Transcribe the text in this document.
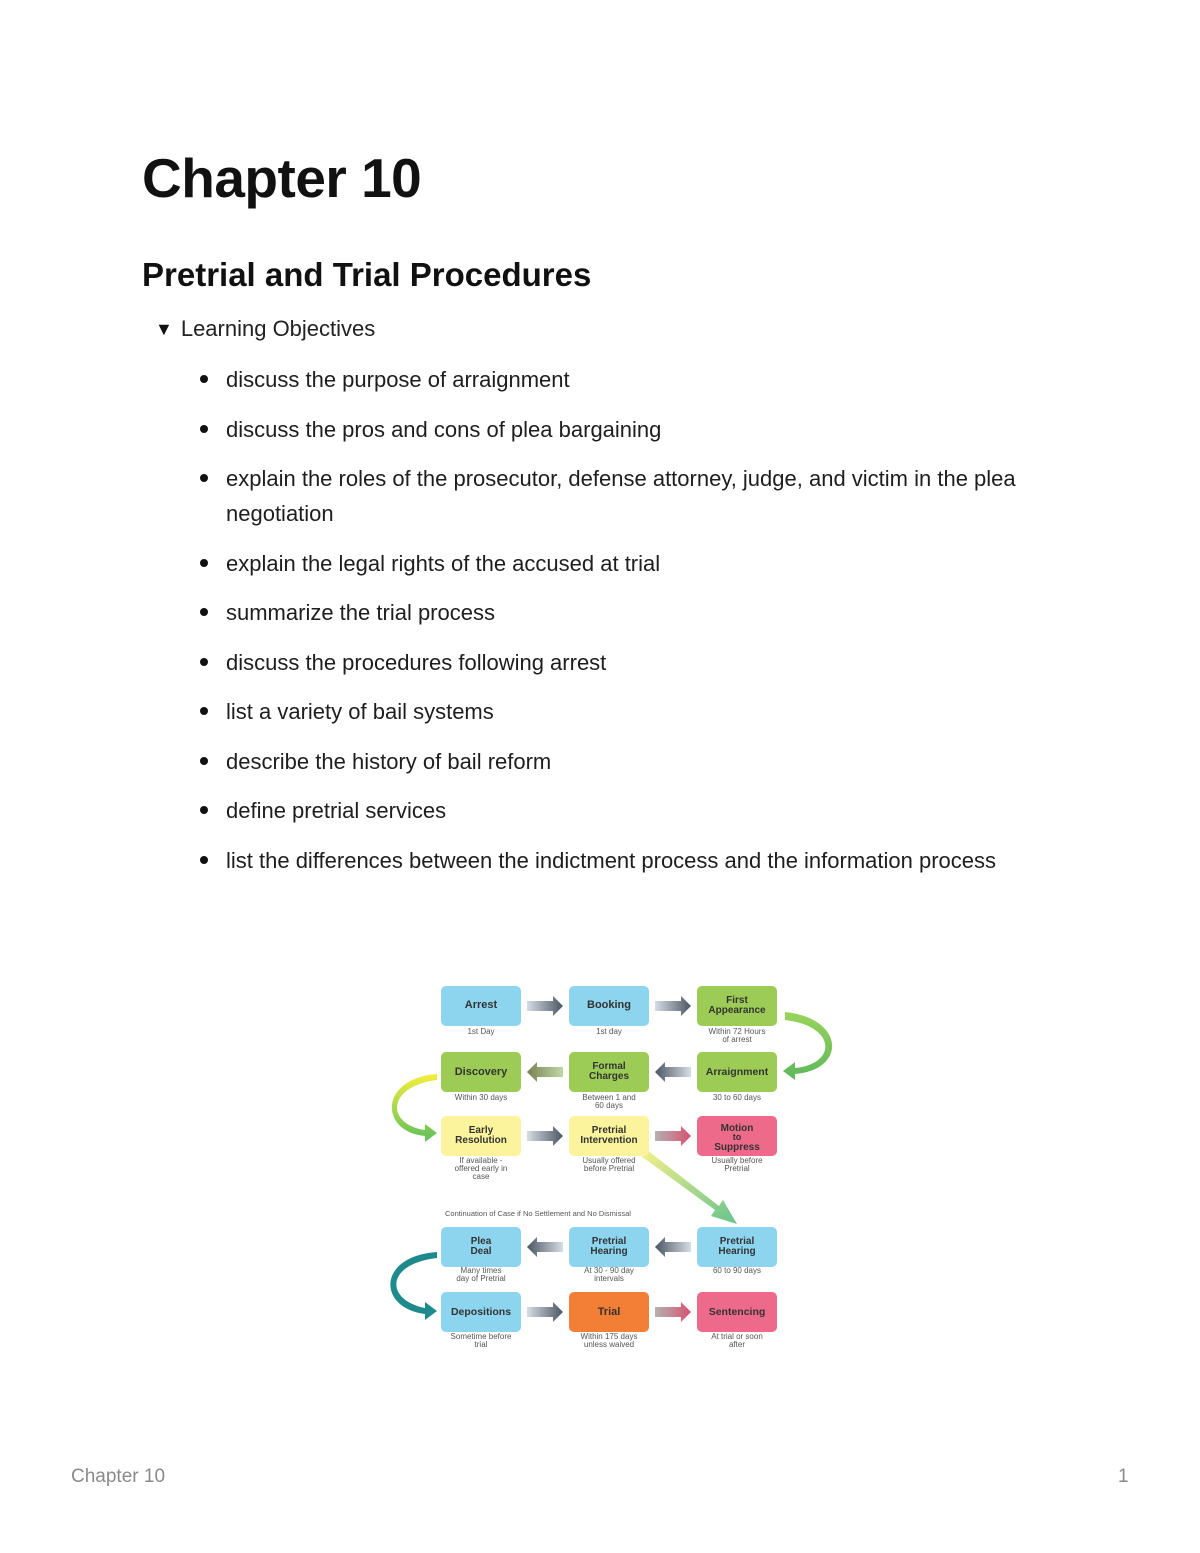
Chapter 10
Pretrial and Trial Procedures
▼ Learning Objectives
discuss the purpose of arraignment
discuss the pros and cons of plea bargaining
explain the roles of the prosecutor, defense attorney, judge, and victim in the plea negotiation
explain the legal rights of the accused at trial
summarize the trial process
discuss the procedures following arrest
list a variety of bail systems
describe the history of bail reform
define pretrial services
list the differences between the indictment process and the information process
Arrest
1st Day
Booking
1st day
First
Appearance
Within 72 Hours
of arrest
Discovery
Within 30 days
Formal
Charges
Between 1 and
60 days
Arraignment
30 to 60 days
Early
Resolution
If available -
offered early in
case
Pretrial
Intervention
Usually offered
before Pretrial
Motion
to
Suppress
Usually before
Pretrial
Continuation of Case if No Settlement and No Dismissal
Plea
Deal
Many times
day of Pretrial
Pretrial
Hearing
At 30 - 90 day
intervals
Pretrial
Hearing
60 to 90 days
Depositions
Sometime before
trial
Trial
Within 175 days
unless waived
Sentencing
At trial or soon
after
Chapter 10	1
